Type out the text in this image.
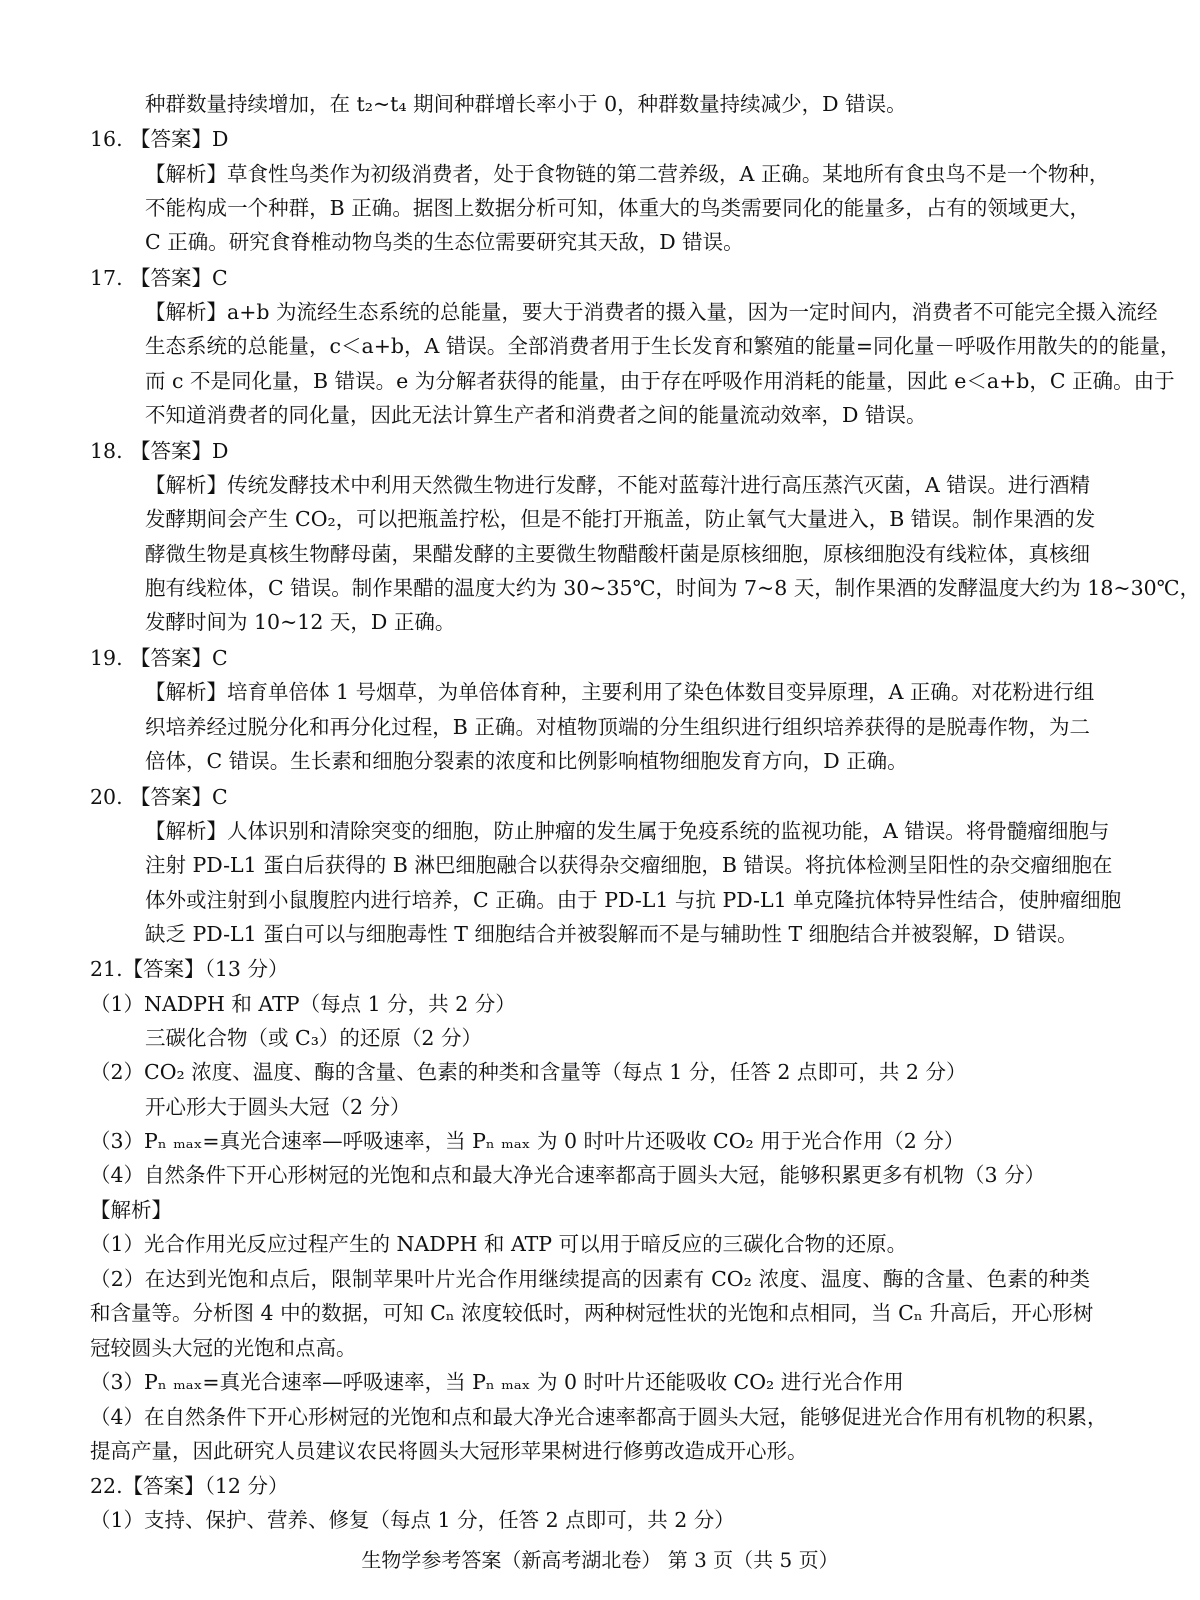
种群数量持续增加，在 t₂~t₄ 期间种群增长率小于 0，种群数量持续减少，D 错误。
16. 【答案】D
【解析】草食性鸟类作为初级消费者，处于食物链的第二营养级，A 正确。某地所有食虫鸟不是一个物种，
不能构成一个种群，B 正确。据图上数据分析可知，体重大的鸟类需要同化的能量多，占有的领域更大，
C 正确。研究食脊椎动物鸟类的生态位需要研究其天敌，D 错误。
17. 【答案】C
【解析】a+b 为流经生态系统的总能量，要大于消费者的摄入量，因为一定时间内，消费者不可能完全摄入流经
生态系统的总能量，c＜a+b，A 错误。全部消费者用于生长发育和繁殖的能量=同化量－呼吸作用散失的的能量，
而 c 不是同化量，B 错误。e 为分解者获得的能量，由于存在呼吸作用消耗的能量，因此 e＜a+b，C 正确。由于
不知道消费者的同化量，因此无法计算生产者和消费者之间的能量流动效率，D 错误。
18. 【答案】D
【解析】传统发酵技术中利用天然微生物进行发酵，不能对蓝莓汁进行高压蒸汽灭菌，A 错误。进行酒精
发酵期间会产生 CO₂，可以把瓶盖拧松，但是不能打开瓶盖，防止氧气大量进入，B 错误。制作果酒的发
酵微生物是真核生物酵母菌，果醋发酵的主要微生物醋酸杆菌是原核细胞，原核细胞没有线粒体，真核细
胞有线粒体，C 错误。制作果醋的温度大约为 30~35℃，时间为 7~8 天，制作果酒的发酵温度大约为 18~30℃，
发酵时间为 10~12 天，D 正确。
19. 【答案】C
【解析】培育单倍体 1 号烟草，为单倍体育种，主要利用了染色体数目变异原理，A 正确。对花粉进行组
织培养经过脱分化和再分化过程，B 正确。对植物顶端的分生组织进行组织培养获得的是脱毒作物，为二
倍体，C 错误。生长素和细胞分裂素的浓度和比例影响植物细胞发育方向，D 正确。
20. 【答案】C
【解析】人体识别和清除突变的细胞，防止肿瘤的发生属于免疫系统的监视功能，A 错误。将骨髓瘤细胞与
注射 PD-L1 蛋白后获得的 B 淋巴细胞融合以获得杂交瘤细胞，B 错误。将抗体检测呈阳性的杂交瘤细胞在
体外或注射到小鼠腹腔内进行培养，C 正确。由于 PD-L1 与抗 PD-L1 单克隆抗体特异性结合，使肿瘤细胞
缺乏 PD-L1 蛋白可以与细胞毒性 T 细胞结合并被裂解而不是与辅助性 T 细胞结合并被裂解，D 错误。
21.【答案】（13 分）
（1）NADPH 和 ATP（每点 1 分，共 2 分）
三碳化合物（或 C₃）的还原（2 分）
（2）CO₂ 浓度、温度、酶的含量、色素的种类和含量等（每点 1 分，任答 2 点即可，共 2 分）
开心形大于圆头大冠（2 分）
（3）Pₙ ₘₐₓ=真光合速率—呼吸速率，当 Pₙ ₘₐₓ 为 0 时叶片还吸收 CO₂ 用于光合作用（2 分）
（4）自然条件下开心形树冠的光饱和点和最大净光合速率都高于圆头大冠，能够积累更多有机物（3 分）
【解析】
（1）光合作用光反应过程产生的 NADPH 和 ATP 可以用于暗反应的三碳化合物的还原。
（2）在达到光饱和点后，限制苹果叶片光合作用继续提高的因素有 CO₂ 浓度、温度、酶的含量、色素的种类
和含量等。分析图 4 中的数据，可知 Cₙ 浓度较低时，两种树冠性状的光饱和点相同，当 Cₙ 升高后，开心形树
冠较圆头大冠的光饱和点高。
（3）Pₙ ₘₐₓ=真光合速率—呼吸速率，当 Pₙ ₘₐₓ 为 0 时叶片还能吸收 CO₂ 进行光合作用
（4）在自然条件下开心形树冠的光饱和点和最大净光合速率都高于圆头大冠，能够促进光合作用有机物的积累，
提高产量，因此研究人员建议农民将圆头大冠形苹果树进行修剪改造成开心形。
22.【答案】（12 分）
（1）支持、保护、营养、修复（每点 1 分，任答 2 点即可，共 2 分）
生物学参考答案（新高考湖北卷） 第 3 页（共 5 页）
